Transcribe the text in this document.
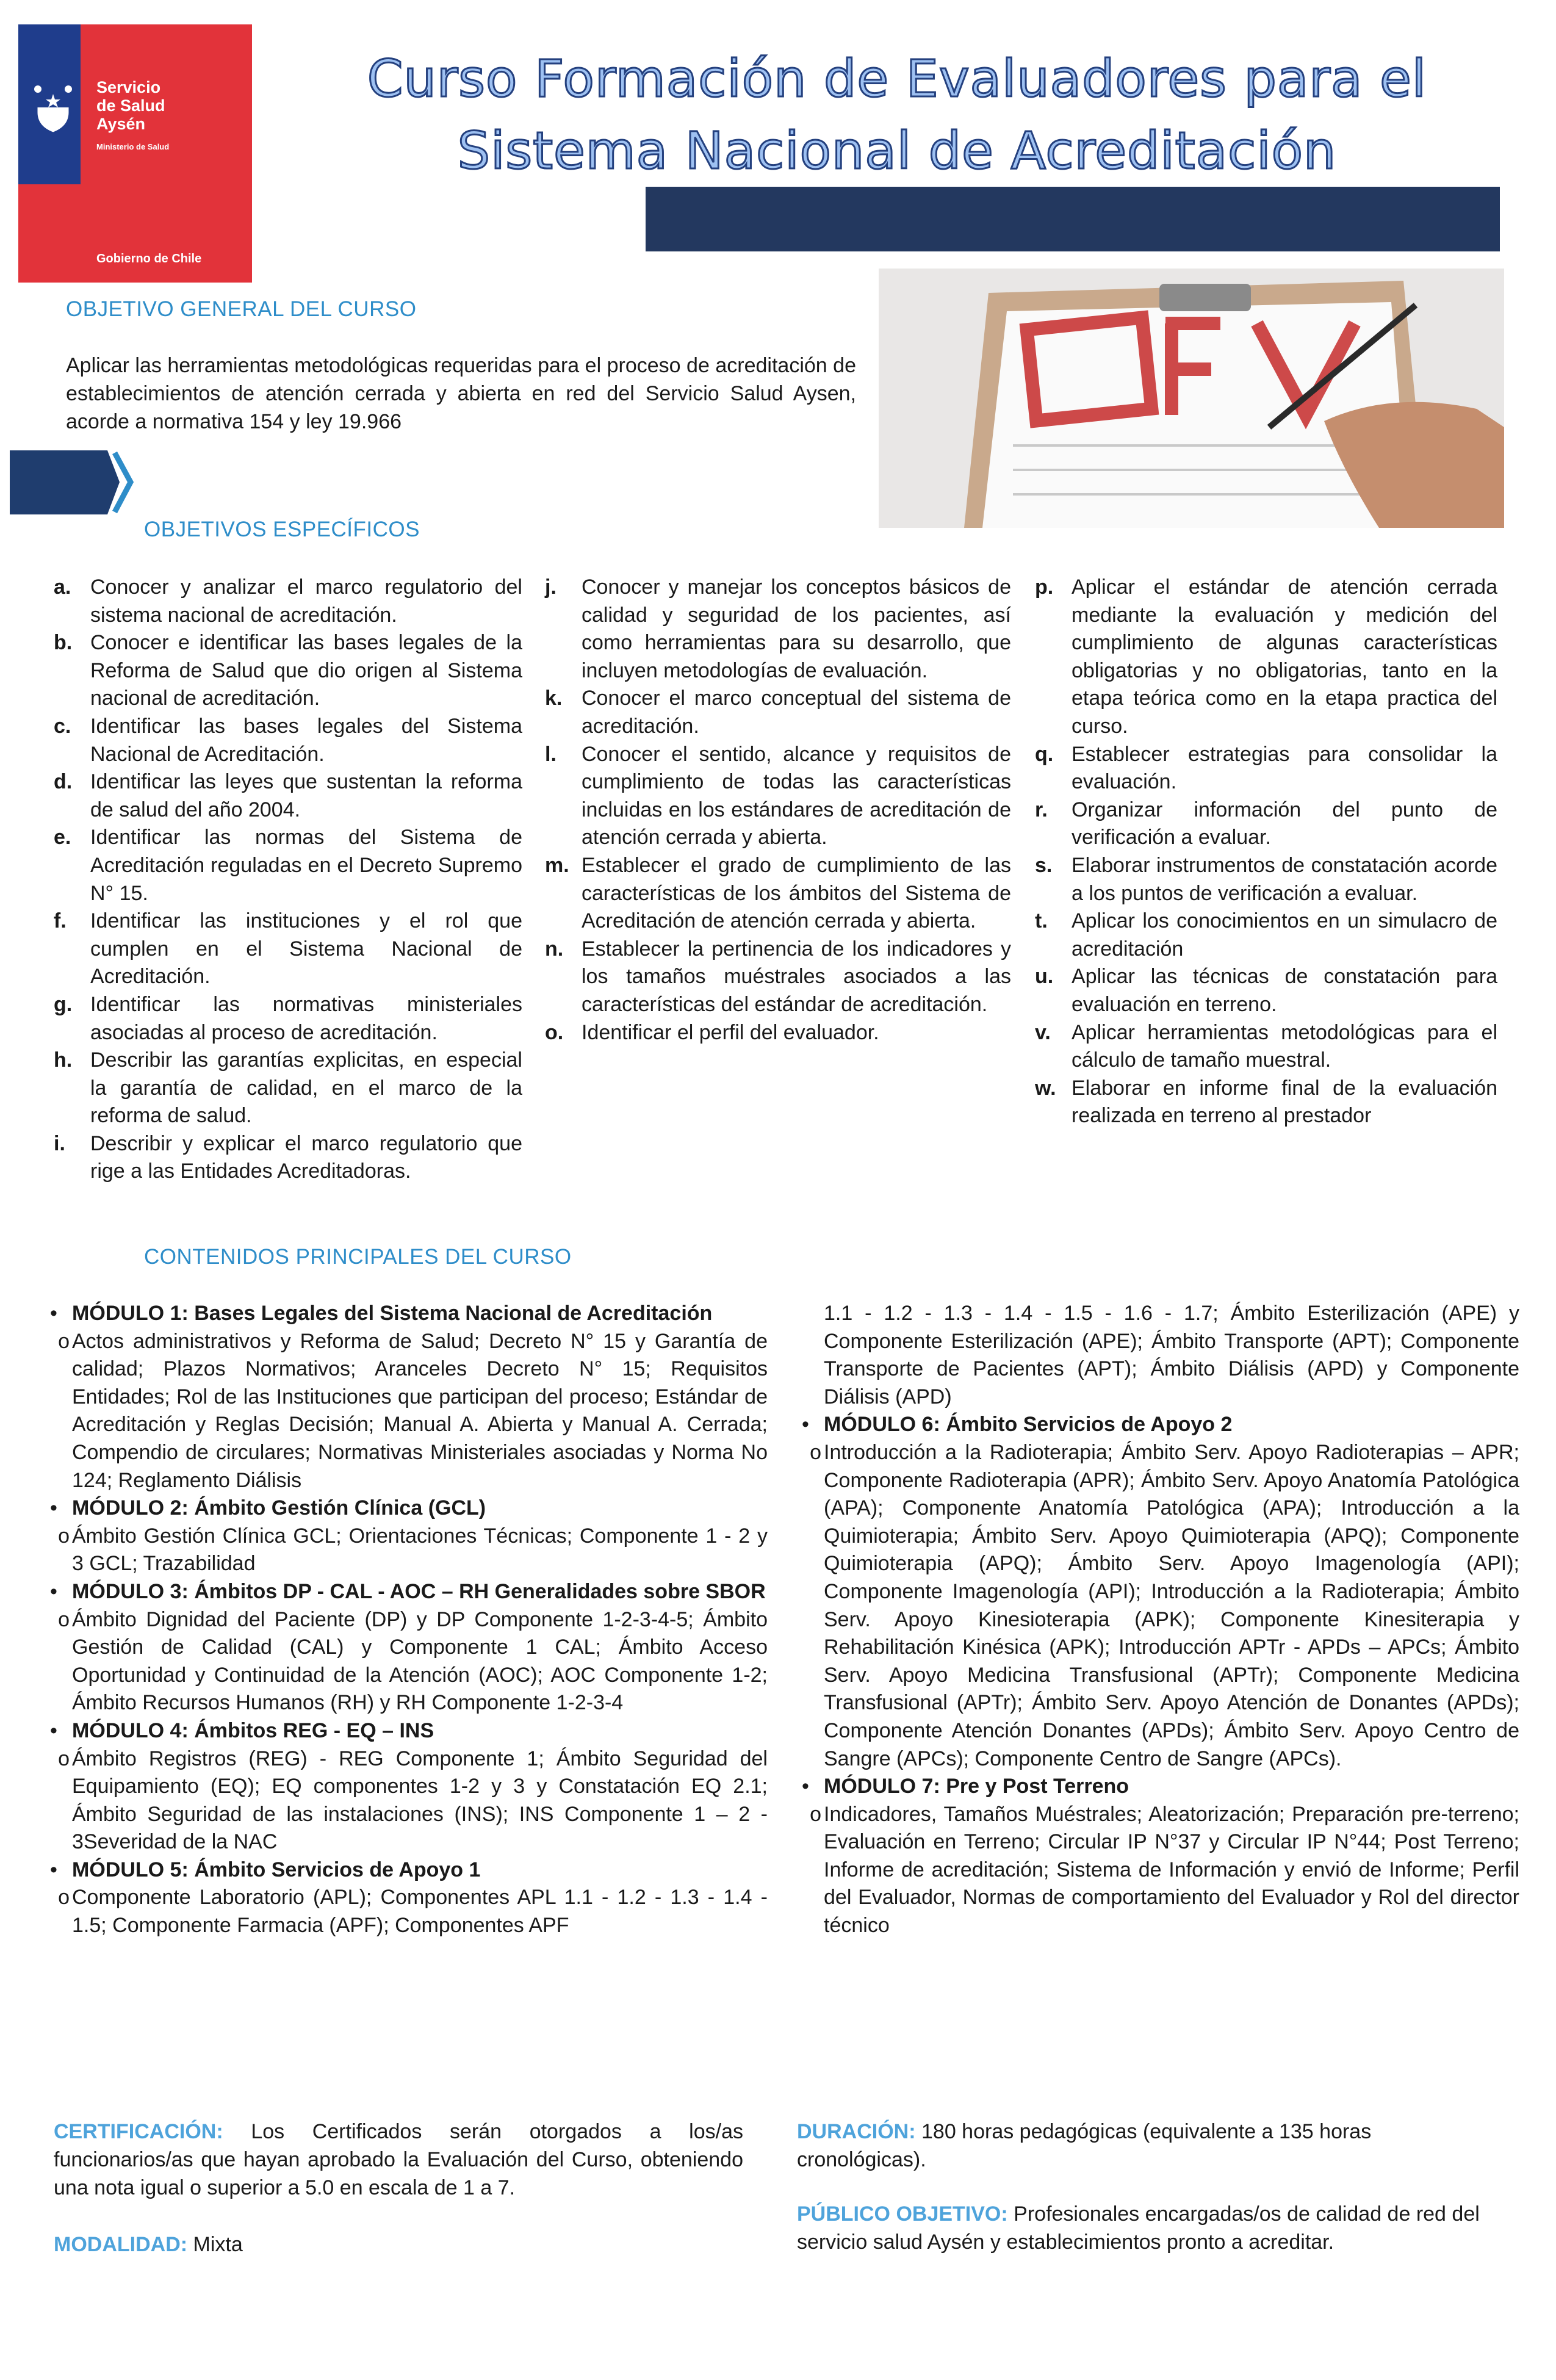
Servicio
de Salud
Aysén
Ministerio de Salud
Gobierno de Chile
Curso Formación de Evaluadores para el
Sistema Nacional de Acreditación
OBJETIVO GENERAL DEL CURSO
Aplicar las herramientas metodológicas requeridas para el proceso de acreditación de establecimientos de atención cerrada y abierta en red del Servicio Salud Aysen, acorde a normativa 154 y ley 19.966
OBJETIVOS ESPECÍFICOS
a. Conocer y analizar el marco regulatorio del sistema nacional de acreditación.
b. Conocer e identificar las bases legales de la Reforma de Salud que dio origen al Sistema nacional de acreditación.
c. Identificar las bases legales del Sistema Nacional de Acreditación.
d. Identificar las leyes que sustentan la reforma de salud del año 2004.
e. Identificar las normas del Sistema de Acreditación reguladas en el Decreto Supremo N° 15.
f.	Identificar las instituciones y el rol que cumplen en el Sistema Nacional de Acreditación.
g. Identificar las normativas ministeriales asociadas al proceso de acreditación.
h. Describir las garantías explicitas, en especial la garantía de calidad, en el marco de la reforma de salud.
i.	Describir y explicar el marco regulatorio que rige a las Entidades Acreditadoras.
j.	Conocer y manejar los conceptos básicos de calidad y seguridad de los pacientes, así como herramientas para su desarrollo, que incluyen metodologías de evaluación.
k. Conocer el marco conceptual del sistema de acreditación.
l.	Conocer el sentido, alcance y requisitos de cumplimiento de todas las características incluidas en los estándares de acreditación de atención cerrada y abierta.
m. Establecer el grado de cumplimiento de las características de los ámbitos del Sistema de Acreditación de atención cerrada y abierta.
n. Establecer la pertinencia de los indicadores y los tamaños muéstrales asociados a las características del estándar de acreditación.
o. Identificar el perfil del evaluador.
p. Aplicar el estándar de atención cerrada mediante la evaluación y medición del cumplimiento de algunas características obligatorias y no obligatorias, tanto en la etapa teórica como en la etapa practica del curso.
q. Establecer estrategias para consolidar la evaluación.
r.	Organizar información del punto de verificación a evaluar.
s. Elaborar instrumentos de constatación acorde a los puntos de verificación a evaluar.
t.	Aplicar los conocimientos en un simulacro de acreditación
u. Aplicar las técnicas de constatación para evaluación en terreno.
v.	Aplicar herramientas metodológicas para el cálculo de tamaño muestral.
w. Elaborar en informe final de la evaluación realizada en terreno al prestador
CONTENIDOS PRINCIPALES DEL CURSO
• MÓDULO 1: Bases Legales del Sistema Nacional de Acreditación
o Actos administrativos y Reforma de Salud; Decreto N° 15 y Garantía de calidad; Plazos Normativos; Aranceles Decreto N° 15; Requisitos Entidades; Rol de las Instituciones que participan del proceso; Estándar de Acreditación y Reglas Decisión; Manual A. Abierta y Manual A. Cerrada; Compendio de circulares; Normativas Ministeriales asociadas y Norma No 124; Reglamento Diálisis
• MÓDULO 2: Ámbito Gestión Clínica (GCL)
o Ámbito Gestión Clínica GCL; Orientaciones Técnicas; Componente 1 - 2 y 3 GCL; Trazabilidad
• MÓDULO 3: Ámbitos DP - CAL - AOC – RH Generalidades sobre SBOR
o Ámbito Dignidad del Paciente (DP) y DP Componente 1-2-3-4-5; Ámbito Gestión de Calidad (CAL) y Componente 1 CAL; Ámbito Acceso Oportunidad y Continuidad de la Atención (AOC); AOC Componente 1-2; Ámbito Recursos Humanos (RH) y RH Componente 1-2-3-4
• MÓDULO 4: Ámbitos REG - EQ – INS
o Ámbito Registros (REG) - REG Componente 1; Ámbito Seguridad del Equipamiento (EQ); EQ componentes 1-2 y 3 y Constatación EQ 2.1; Ámbito Seguridad de las instalaciones (INS); INS Componente 1 – 2 - 3Severidad de la NAC
• MÓDULO 5: Ámbito Servicios de Apoyo 1
o Componente Laboratorio (APL); Componentes APL 1.1 - 1.2 - 1.3 - 1.4 - 1.5; Componente Farmacia (APF); Componentes APF
1.1 - 1.2 - 1.3 - 1.4 - 1.5 - 1.6 - 1.7; Ámbito Esterilización (APE) y Componente Esterilización (APE); Ámbito Transporte (APT); Componente Transporte de Pacientes (APT); Ámbito Diálisis (APD) y Componente Diálisis (APD)
• MÓDULO 6: Ámbito Servicios de Apoyo 2
o Introducción a la Radioterapia; Ámbito Serv. Apoyo Radioterapias – APR; Componente Radioterapia (APR); Ámbito Serv. Apoyo Anatomía Patológica (APA); Componente Anatomía Patológica (APA); Introducción a la Quimioterapia; Ámbito Serv. Apoyo Quimioterapia (APQ); Componente Quimioterapia (APQ); Ámbito Serv. Apoyo Imagenología (API); Componente Imagenología (API); Introducción a la Radioterapia; Ámbito Serv. Apoyo Kinesioterapia (APK); Componente Kinesiterapia y Rehabilitación Kinésica (APK); Introducción APTr - APDs – APCs; Ámbito Serv. Apoyo Medicina Transfusional (APTr); Componente Medicina Transfusional (APTr); Ámbito Serv. Apoyo Atención de Donantes (APDs); Componente Atención Donantes (APDs); Ámbito Serv. Apoyo Centro de Sangre (APCs); Componente Centro de Sangre (APCs).
• MÓDULO 7: Pre y Post Terreno
o Indicadores, Tamaños Muéstrales; Aleatorización; Preparación pre-terreno; Evaluación en Terreno; Circular IP N°37 y Circular IP N°44; Post Terreno; Informe de acreditación; Sistema de Información y envió de Informe; Perfil del Evaluador, Normas de comportamiento del Evaluador y Rol del director técnico
CERTIFICACIÓN: Los Certificados serán otorgados a los/as funcionarios/as que hayan aprobado la Evaluación del Curso, obteniendo una nota igual o superior a 5.0 en escala de 1 a 7.
MODALIDAD: Mixta
DURACIÓN: 180 horas pedagógicas (equivalente a 135 horas cronológicas).
PÚBLICO OBJETIVO: Profesionales encargadas/os de calidad de red del servicio salud Aysén y establecimientos pronto a acreditar.
